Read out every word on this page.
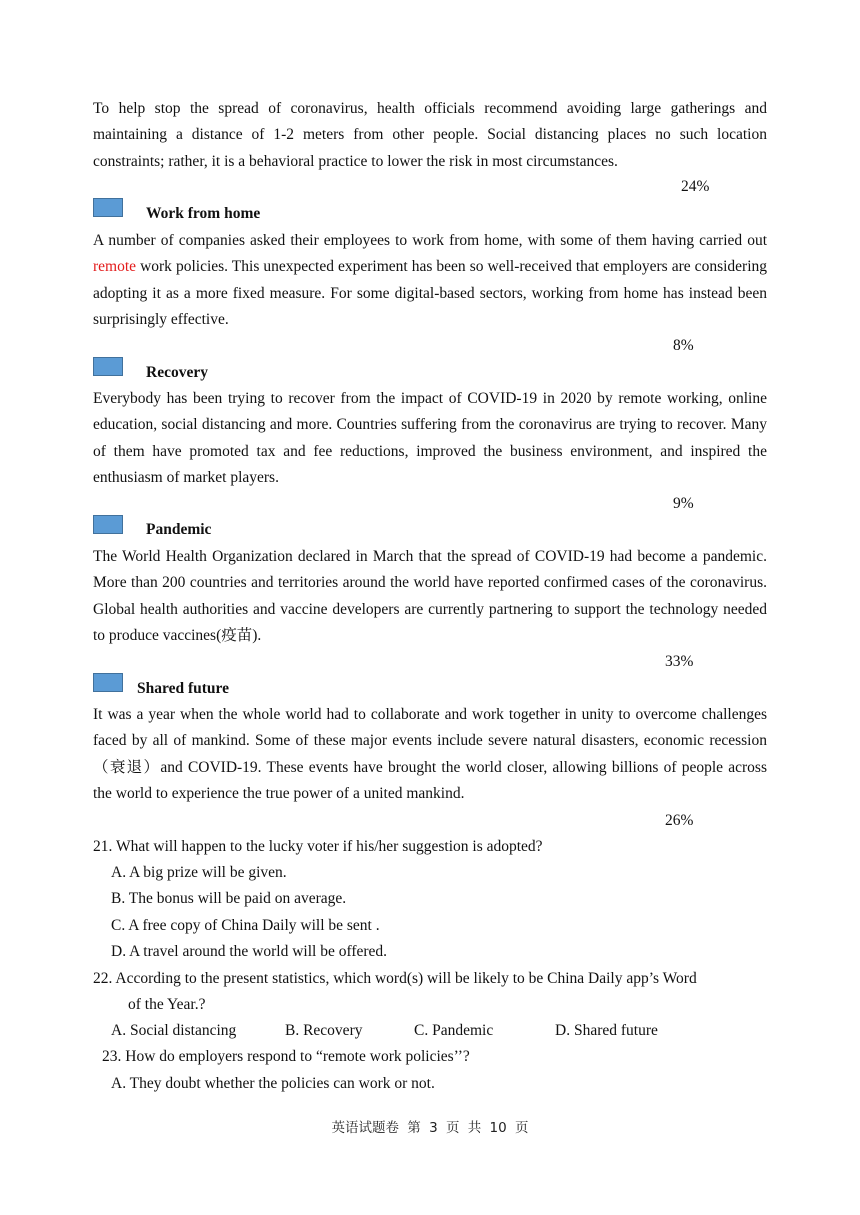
To help stop the spread of coronavirus, health officials recommend avoiding large gatherings and maintaining a distance of 1-2 meters from other people. Social distancing places no such location constraints; rather, it is a behavioral practice to lower the risk in most circumstances.

24%
Work from home

A number of companies asked their employees to work from home, with some of them having carried out remote work policies. This unexpected experiment has been so well-received that employers are considering adopting it as a more fixed measure. For some digital-based sectors, working from home has instead been surprisingly effective.

8%
Recovery

Everybody has been trying to recover from the impact of COVID-19 in 2020 by remote working, online education, social distancing and more. Countries suffering from the coronavirus are trying to recover. Many of them have promoted tax and fee reductions, improved the business environment, and inspired the enthusiasm of market players.

9%
Pandemic

The World Health Organization declared in March that the spread of COVID-19 had become a pandemic. More than 200 countries and territories around the world have reported confirmed cases of the coronavirus. Global health authorities and vaccine developers are currently partnering to support the technology needed to produce vaccines(疫苗).

33%
Shared future

It was a year when the whole world had to collaborate and work together in unity to overcome challenges faced by all of mankind. Some of these major events include severe natural disasters, economic recession（衰退）and COVID-19. These events have brought the world closer, allowing billions of people across the world to experience the true power of a united mankind.

26%
21. What will happen to the lucky voter if his/her suggestion is adopted?
A. A big prize will be given.
B. The bonus will be paid on average.
C. A free copy of China Daily will be sent .
D. A travel around the world will be offered.
22. According to the present statistics, which word(s) will be likely to be China Daily app’s Word
of the Year.?
A. Social distancing	B. Recovery	C. Pandemic	D. Shared future
23. How do employers respond to “remote work policies’’?
A. They doubt whether the policies can work or not.
英语试题卷 第 3 页 共 10 页
